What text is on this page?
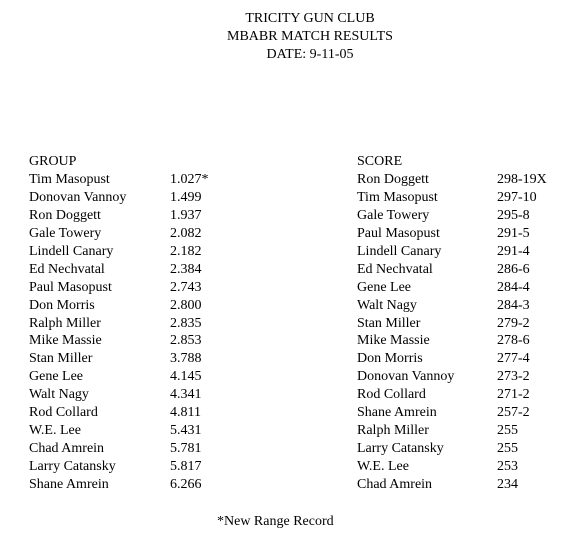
TRICITY GUN CLUB
MBABR MATCH RESULTS
DATE: 9-11-05
GROUP
Tim Masopust	1.027*
Donovan Vannoy	1.499
Ron Doggett	1.937
Gale Towery	2.082
Lindell Canary	2.182
Ed Nechvatal	2.384
Paul Masopust	2.743
Don Morris	2.800
Ralph Miller	2.835
Mike Massie	2.853
Stan Miller	3.788
Gene Lee	4.145
Walt Nagy	4.341
Rod Collard	4.811
W.E. Lee	5.431
Chad Amrein	5.781
Larry Catansky	5.817
Shane Amrein	6.266
SCORE
Ron Doggett	298-19X
Tim Masopust	297-10
Gale Towery	295-8
Paul Masopust	291-5
Lindell Canary	291-4
Ed Nechvatal	286-6
Gene Lee	284-4
Walt Nagy	284-3
Stan Miller	279-2
Mike Massie	278-6
Don Morris	277-4
Donovan Vannoy	273-2
Rod Collard	271-2
Shane Amrein	257-2
Ralph Miller	255
Larry Catansky	255
W.E. Lee	253
Chad Amrein	234
*New Range Record
